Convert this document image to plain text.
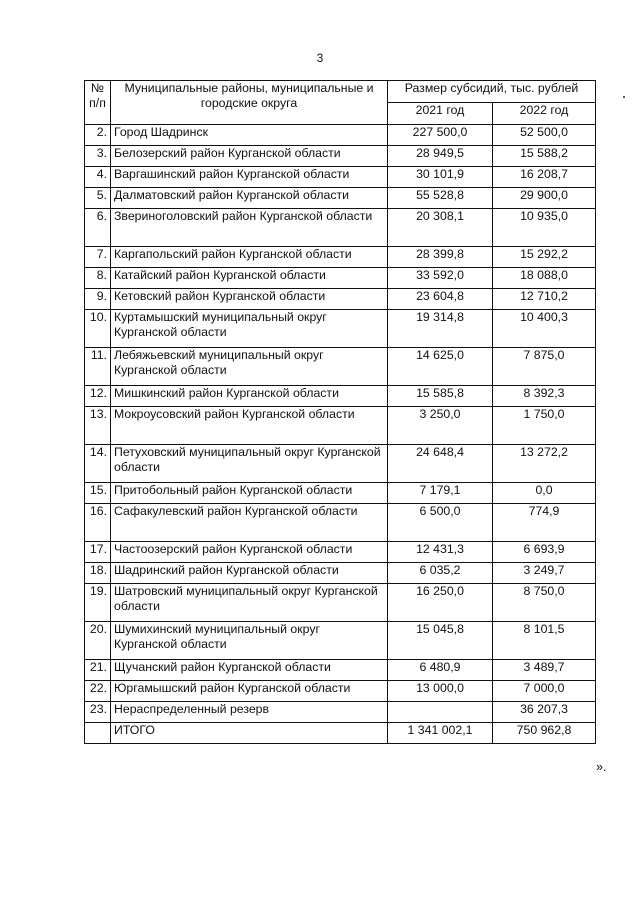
3
№
п/п	Муниципальные районы, муниципальные и городские округа	Размер субсидий, тыс. рублей	
		2021 год	2022 год
2.	Город Шадринск	227 500,0	52 500,0
3.	Белозерский район Курганской области	28 949,5	15 588,2
4.	Варгашинский район Курганской области	30 101,9	16 208,7
5.	Далматовский район Курганской области	55 528,8	29 900,0
6.	Звериноголовский район Курганской области	20 308,1	10 935,0
7.	Каргапольский район Курганской области	28 399,8	15 292,2
8.	Катайский район Курганской области	33 592,0	18 088,0
9.	Кетовский район Курганской области	23 604,8	12 710,2
10.	Куртамышский муниципальный округ Курганской области	19 314,8	10 400,3
11.	Лебяжьевский муниципальный округ Курганской области	14 625,0	7 875,0
12.	Мишкинский район Курганской области	15 585,8	8 392,3
13.	Мокроусовский район Курганской области	3 250,0	1 750,0
14.	Петуховский муниципальный округ Курганской области	24 648,4	13 272,2
15.	Притобольный район Курганской области	7 179,1	0,0
16.	Сафакулевский район Курганской области	6 500,0	774,9
17.	Частоозерский район Курганской области	12 431,3	6 693,9
18.	Шадринский район Курганской области	6 035,2	3 249,7
19.	Шатровский муниципальный округ Курганской области	16 250,0	8 750,0
20.	Шумихинский муниципальный округ Курганской области	15 045,8	8 101,5
21.	Щучанский район Курганской области	6 480,9	3 489,7
22.	Юргамышский район Курганской области	13 000,0	7 000,0
23.	Нераспределенный резерв		36 207,3
	ИТОГО	1 341 002,1	750 962,8
».
